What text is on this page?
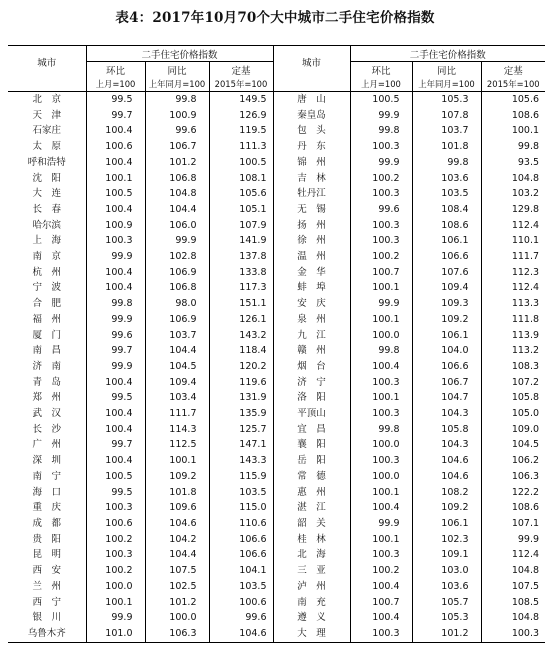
表4：2017年10月70个大中城市二手住宅价格指数
城市	二手住宅价格指数			城市	二手住宅价格指数		
	环比	同比	定基		环比	同比	定基
	上月=100	上年同月=100	2015年=100		上月=100	上年同月=100	2015年=100
北　京	99.5	99.8	149.5	唐　山	100.5	105.3	105.6
天　津	99.7	100.9	126.9	秦皇岛	99.9	107.8	108.6
石家庄	100.4	99.6	119.5	包　头	99.8	103.7	100.1
太　原	100.6	106.7	111.3	丹　东	100.3	101.8	99.8
呼和浩特	100.4	101.2	100.5	锦　州	99.9	99.8	93.5
沈　阳	100.1	106.8	108.1	吉　林	100.2	103.6	104.8
大　连	100.5	104.8	105.6	牡丹江	100.3	103.5	103.2
长　春	100.4	104.4	105.1	无　锡	99.6	108.4	129.8
哈尔滨	100.9	106.0	107.9	扬　州	100.3	108.6	112.4
上　海	100.3	99.9	141.9	徐　州	100.3	106.1	110.1
南　京	99.9	102.8	137.8	温　州	100.2	106.6	111.7
杭　州	100.4	106.9	133.8	金　华	100.7	107.6	112.3
宁　波	100.4	106.8	117.3	蚌　埠	100.1	109.4	112.4
合　肥	99.8	98.0	151.1	安　庆	99.9	109.3	113.3
福　州	99.9	106.9	126.1	泉　州	100.1	109.2	111.8
厦　门	99.6	103.7	143.2	九　江	100.0	106.1	113.9
南　昌	99.7	104.4	118.4	赣　州	99.8	104.0	113.2
济　南	99.9	104.5	120.2	烟　台	100.4	106.6	108.3
青　岛	100.4	109.4	119.6	济　宁	100.3	106.7	107.2
郑　州	99.5	103.4	131.9	洛　阳	100.1	104.7	105.8
武　汉	100.4	111.7	135.9	平顶山	100.3	104.3	105.0
长　沙	100.4	114.3	125.7	宜　昌	99.8	105.8	109.0
广　州	99.7	112.5	147.1	襄　阳	100.0	104.3	104.5
深　圳	100.4	100.1	143.3	岳　阳	100.3	104.6	106.2
南　宁	100.5	109.2	115.9	常　德	100.0	104.6	106.3
海　口	99.5	101.8	103.5	惠　州	100.1	108.2	122.2
重　庆	100.3	109.6	115.0	湛　江	100.4	109.2	108.6
成　都	100.6	104.6	110.6	韶　关	99.9	106.1	107.1
贵　阳	100.2	104.2	106.6	桂　林	100.1	102.3	99.9
昆　明	100.3	104.4	106.6	北　海	100.3	109.1	112.4
西　安	100.2	107.5	104.1	三　亚	100.2	103.0	104.8
兰　州	100.0	102.5	103.5	泸　州	100.4	103.6	107.5
西　宁	100.1	101.2	100.6	南　充	100.7	105.7	108.5
银　川	99.9	100.0	99.6	遵　义	100.4	105.3	104.8
乌鲁木齐	101.0	106.3	104.6	大　理	100.3	101.2	100.3
